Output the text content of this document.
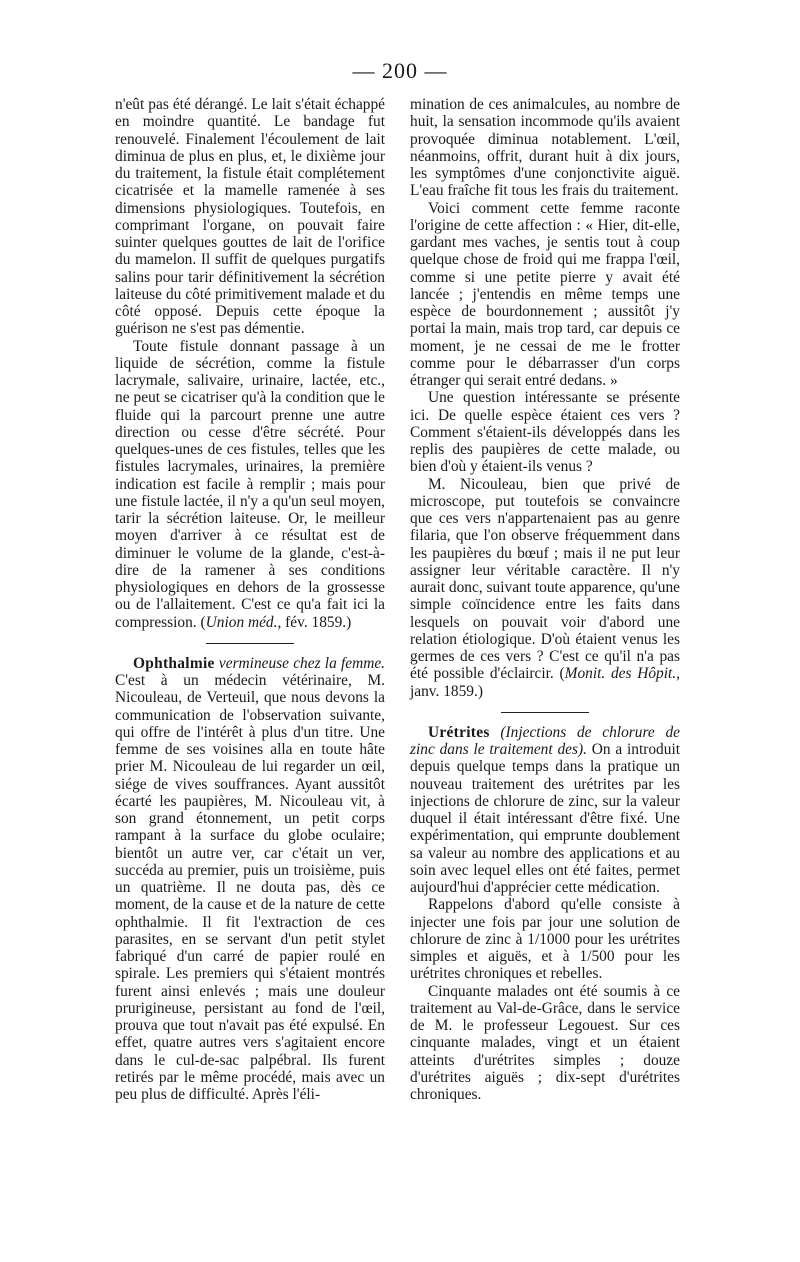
— 200 —

n'eût pas été dérangé. Le lait s'était échappé en moindre quantité. Le bandage fut renouvelé. Finalement l'écoulement de lait diminua de plus en plus, et, le dixième jour du traitement, la fistule était complétement cicatrisée et la mamelle ramenée à ses dimensions physiologiques. Toutefois, en comprimant l'organe, on pouvait faire suinter quelques gouttes de lait de l'orifice du mamelon. Il suffit de quelques purgatifs salins pour tarir définitivement la sécrétion laiteuse du côté primitivement malade et du côté opposé. Depuis cette époque la guérison ne s'est pas démentie.

Toute fistule donnant passage à un liquide de sécrétion, comme la fistule lacrymale, salivaire, urinaire, lactée, etc., ne peut se cicatriser qu'à la condition que le fluide qui la parcourt prenne une autre direction ou cesse d'être sécrété. Pour quelques-unes de ces fistules, telles que les fistules lacrymales, urinaires, la première indication est facile à remplir ; mais pour une fistule lactée, il n'y a qu'un seul moyen, tarir la sécrétion laiteuse. Or, le meilleur moyen d'arriver à ce résultat est de diminuer le volume de la glande, c'est-à-dire de la ramener à ses conditions physiologiques en dehors de la grossesse ou de l'allaitement. C'est ce qu'a fait ici la compression. (Union méd., fév. 1859.)

Ophthalmie vermineuse chez la femme. C'est à un médecin vétérinaire, M. Nicouleau, de Verteuil, que nous devons la communication de l'observation suivante, qui offre de l'intérêt à plus d'un titre. Une femme de ses voisines alla en toute hâte prier M. Nicouleau de lui regarder un œil, siége de vives souffrances. Ayant aussitôt écarté les paupières, M. Nicouleau vit, à son grand étonnement, un petit corps rampant à la surface du globe oculaire; bientôt un autre ver, car c'était un ver, succéda au premier, puis un troisième, puis un quatrième. Il ne douta pas, dès ce moment, de la cause et de la nature de cette ophthalmie. Il fit l'extraction de ces parasites, en se servant d'un petit stylet fabriqué d'un carré de papier roulé en spirale. Les premiers qui s'étaient montrés furent ainsi enlevés ; mais une douleur prurigineuse, persistant au fond de l'œil, prouva que tout n'avait pas été expulsé. En effet, quatre autres vers s'agitaient encore dans le cul-de-sac palpébral. Ils furent retirés par le même procédé, mais avec un peu plus de difficulté. Après l'éli-

mination de ces animalcules, au nombre de huit, la sensation incommode qu'ils avaient provoquée diminua notablement. L'œil, néanmoins, offrit, durant huit à dix jours, les symptômes d'une conjonctivite aiguë. L'eau fraîche fit tous les frais du traitement.

Voici comment cette femme raconte l'origine de cette affection : « Hier, dit-elle, gardant mes vaches, je sentis tout à coup quelque chose de froid qui me frappa l'œil, comme si une petite pierre y avait été lancée ; j'entendis en même temps une espèce de bourdonnement ; aussitôt j'y portai la main, mais trop tard, car depuis ce moment, je ne cessai de me le frotter comme pour le débarrasser d'un corps étranger qui serait entré dedans. »

Une question intéressante se présente ici. De quelle espèce étaient ces vers ? Comment s'étaient-ils développés dans les replis des paupières de cette malade, ou bien d'où y étaient-ils venus ?

M. Nicouleau, bien que privé de microscope, put toutefois se convaincre que ces vers n'appartenaient pas au genre filaria, que l'on observe fréquemment dans les paupières du bœuf ; mais il ne put leur assigner leur véritable caractère. Il n'y aurait donc, suivant toute apparence, qu'une simple coïncidence entre les faits dans lesquels on pouvait voir d'abord une relation étiologique. D'où étaient venus les germes de ces vers ? C'est ce qu'il n'a pas été possible d'éclaircir. (Monit. des Hôpit., janv. 1859.)

Urétrites (Injections de chlorure de zinc dans le traitement des). On a introduit depuis quelque temps dans la pratique un nouveau traitement des urétrites par les injections de chlorure de zinc, sur la valeur duquel il était intéressant d'être fixé. Une expérimentation, qui emprunte doublement sa valeur au nombre des applications et au soin avec lequel elles ont été faites, permet aujourd'hui d'apprécier cette médication.

Rappelons d'abord qu'elle consiste à injecter une fois par jour une solution de chlorure de zinc à 1/1000 pour les urétrites simples et aiguës, et à 1/500 pour les urétrites chroniques et rebelles.

Cinquante malades ont été soumis à ce traitement au Val-de-Grâce, dans le service de M. le professeur Legouest. Sur ces cinquante malades, vingt et un étaient atteints d'urétrites simples ; douze d'urétrites aiguës ; dix-sept d'urétrites chroniques.
